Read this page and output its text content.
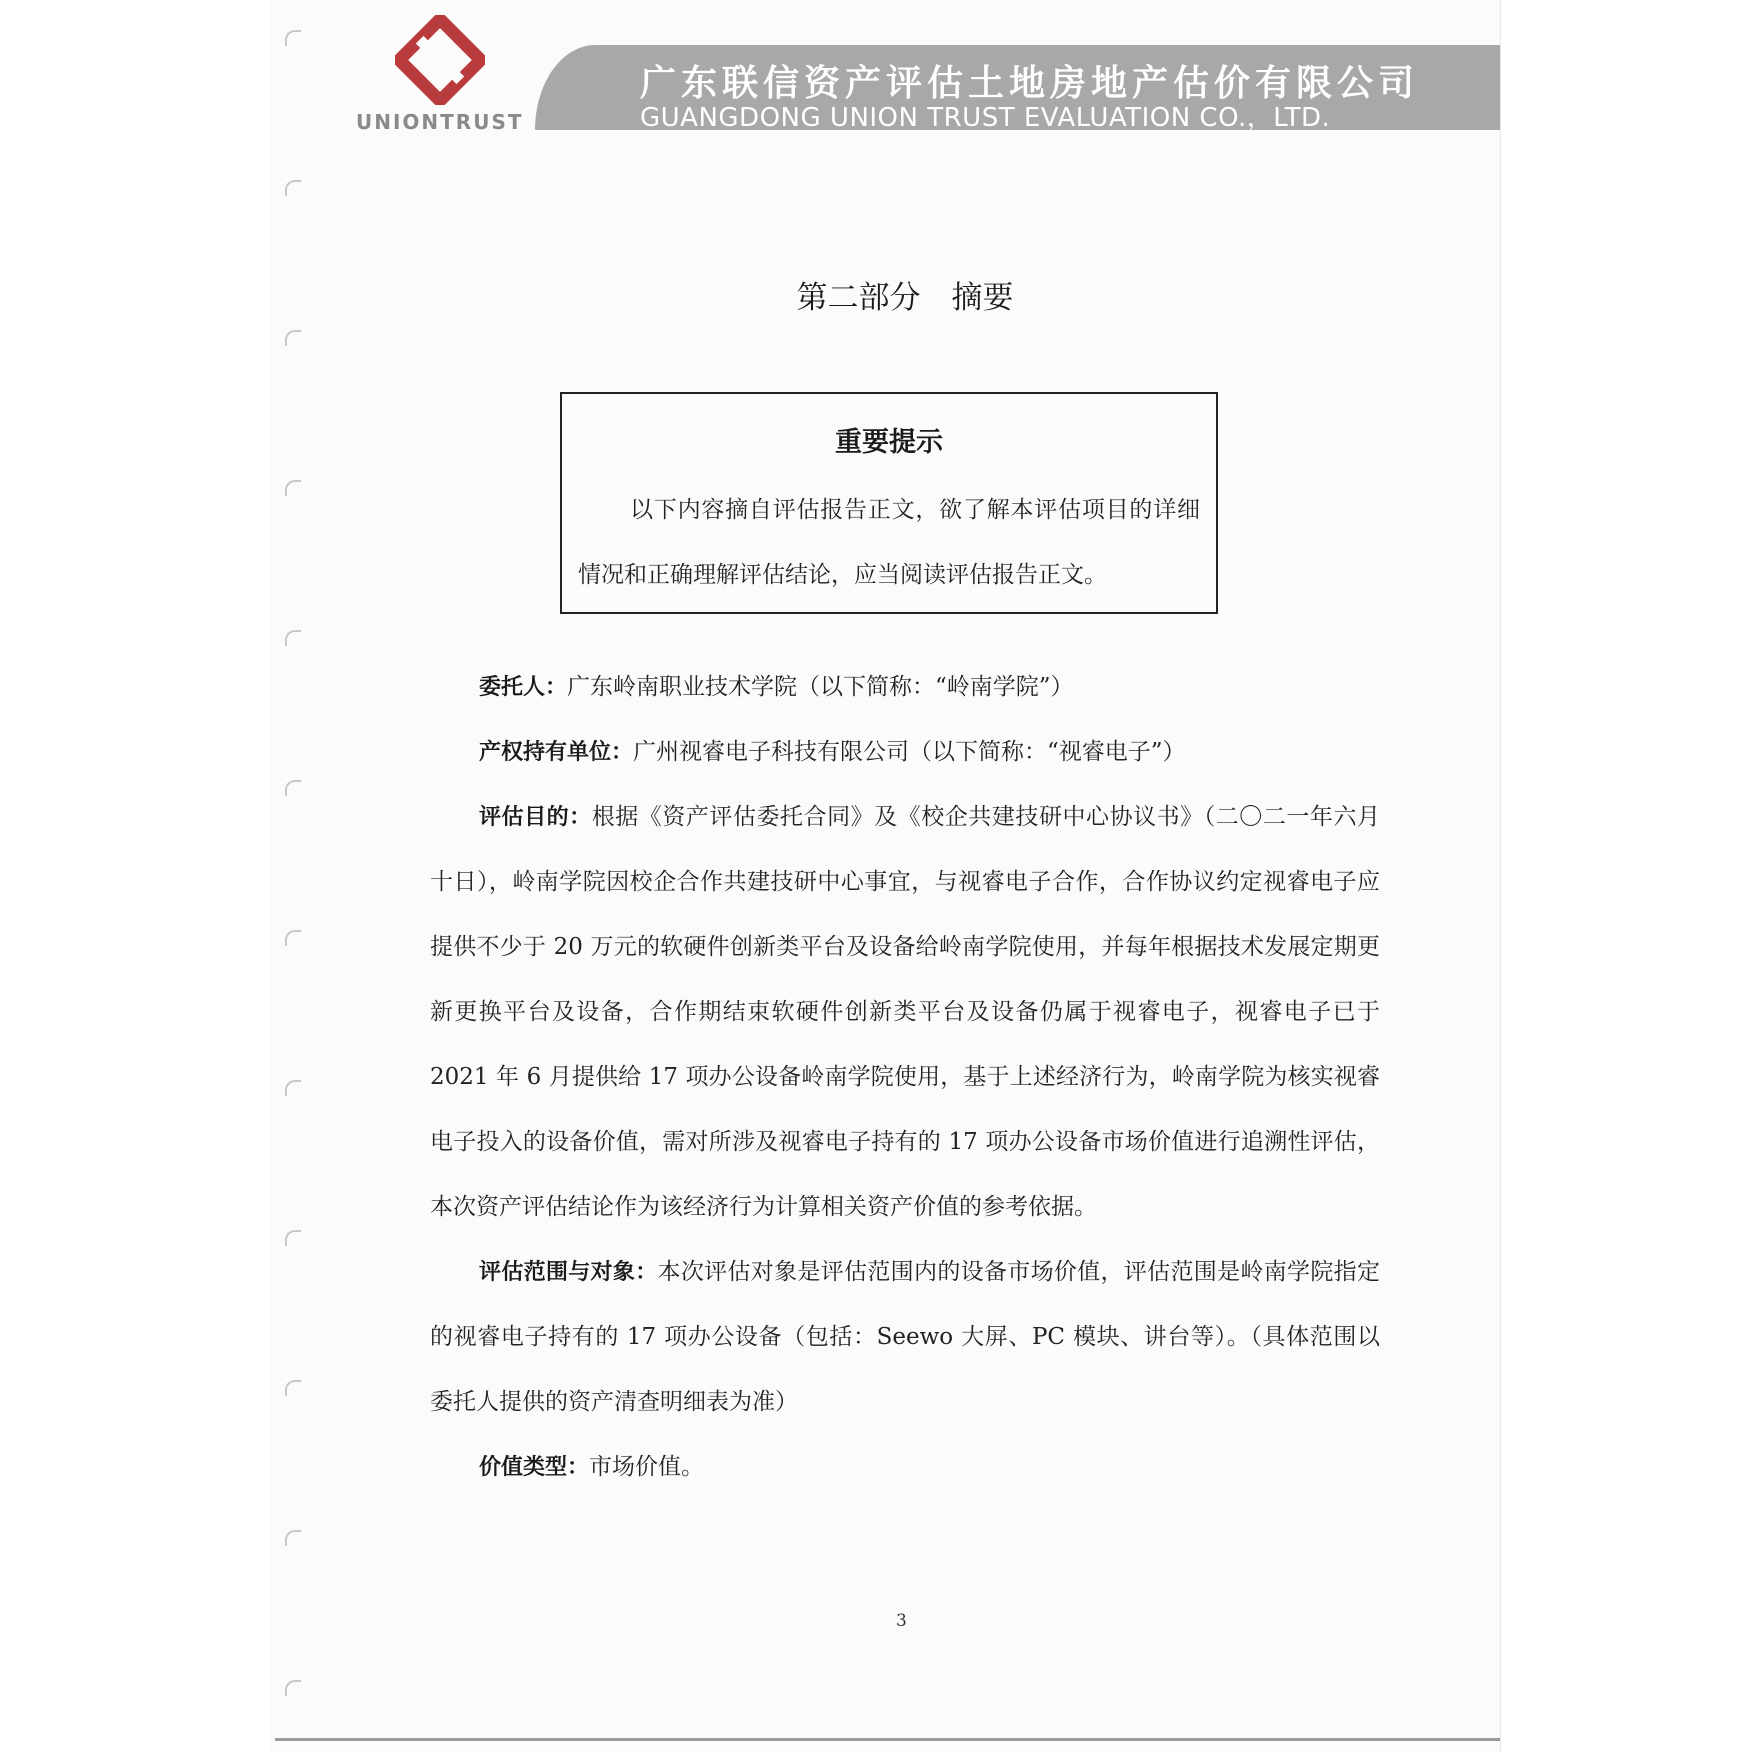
UNIONTRUST
广东联信资产评估土地房地产估价有限公司
GUANGDONG UNION TRUST EVALUATION CO.，LTD.
第二部分　摘要
重要提示
以下内容摘自评估报告正文，欲了解本评估项目的详细情况和正确理解评估结论，应当阅读评估报告正文。

委托人：广东岭南职业技术学院（以下简称：“岭南学院”）

产权持有单位：广州视睿电子科技有限公司（以下简称：“视睿电子”）

评估目的：根据《资产评估委托合同》及《校企共建技研中心协议书》（二〇二一年六月十日），岭南学院因校企合作共建技研中心事宜，与视睿电子合作，合作协议约定视睿电子应提供不少于 20 万元的软硬件创新类平台及设备给岭南学院使用，并每年根据技术发展定期更新更换平台及设备，合作期结束软硬件创新类平台及设备仍属于视睿电子，视睿电子已于 2021 年 6 月提供给 17 项办公设备岭南学院使用，基于上述经济行为，岭南学院为核实视睿电子投入的设备价值，需对所涉及视睿电子持有的 17 项办公设备市场价值进行追溯性评估，本次资产评估结论作为该经济行为计算相关资产价值的参考依据。

评估范围与对象：本次评估对象是评估范围内的设备市场价值，评估范围是岭南学院指定的视睿电子持有的 17 项办公设备（包括：Seewo 大屏、PC 模块、讲台等）。（具体范围以委托人提供的资产清查明细表为准）

价值类型：市场价值。

3
